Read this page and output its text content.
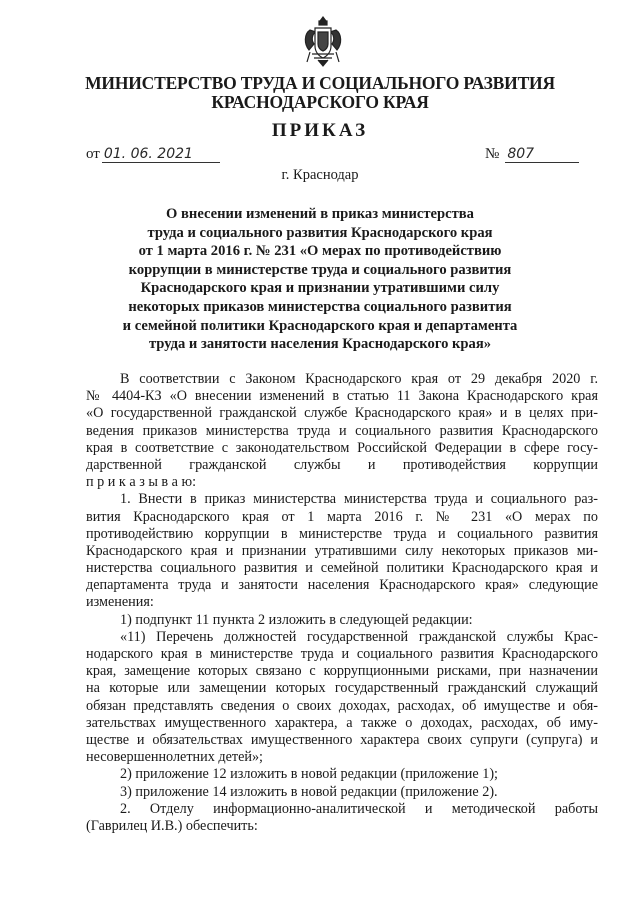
МИНИСТЕРСТВО ТРУДА И СОЦИАЛЬНОГО РАЗВИТИЯ
КРАСНОДАРСКОГО КРАЯ
ПРИКАЗ
от 01. 06. 2021	№ 807
г. Краснодар
О внесении изменений в приказ министерства
труда и социального развития Краснодарского края
от 1 марта 2016 г. № 231 «О мерах по противодействию
коррупции в министерстве труда и социального развития
Краснодарского края и признании утратившими силу
некоторых приказов министерства социального развития
и семейной политики Краснодарского края и департамента
труда и занятости населения Краснодарского края»
В соответствии с Законом Краснодарского края от 29 декабря 2020 г.
№ 4404-КЗ «О внесении изменений в статью 11 Закона Краснодарского края
«О государственной гражданской службе Краснодарского края» и в целях при-
ведения приказов министерства труда и социального развития Краснодарского
края в соответствие с законодательством Российской Федерации в сфере госу-
дарственной гражданской службы и противодействия коррупции
п р и к а з ы в а ю:
1. Внести в приказ министерства министерства труда и социального раз-
вития Краснодарского края от 1 марта 2016 г. № 231 «О мерах по
противодействию коррупции в министерстве труда и социального развития
Краснодарского края и признании утратившими силу некоторых приказов ми-
нистерства социального развития и семейной политики Краснодарского края и
департамента труда и занятости населения Краснодарского края» следующие
изменения:
1) подпункт 11 пункта 2 изложить в следующей редакции:
«11) Перечень должностей государственной гражданской службы Крас-
нодарского края в министерстве труда и социального развития Краснодарского
края, замещение которых связано с коррупционными рисками, при назначении
на которые или замещении которых государственный гражданский служащий
обязан представлять сведения о своих доходах, расходах, об имуществе и обя-
зательствах имущественного характера, а также о доходах, расходах, об иму-
ществе и обязательствах имущественного характера своих супруги (супруга) и
несовершеннолетних детей»;
2) приложение 12 изложить в новой редакции (приложение 1);
3) приложение 14 изложить в новой редакции (приложение 2).
2. Отделу информационно-аналитической и методической работы
(Гаврилец И.В.) обеспечить:
